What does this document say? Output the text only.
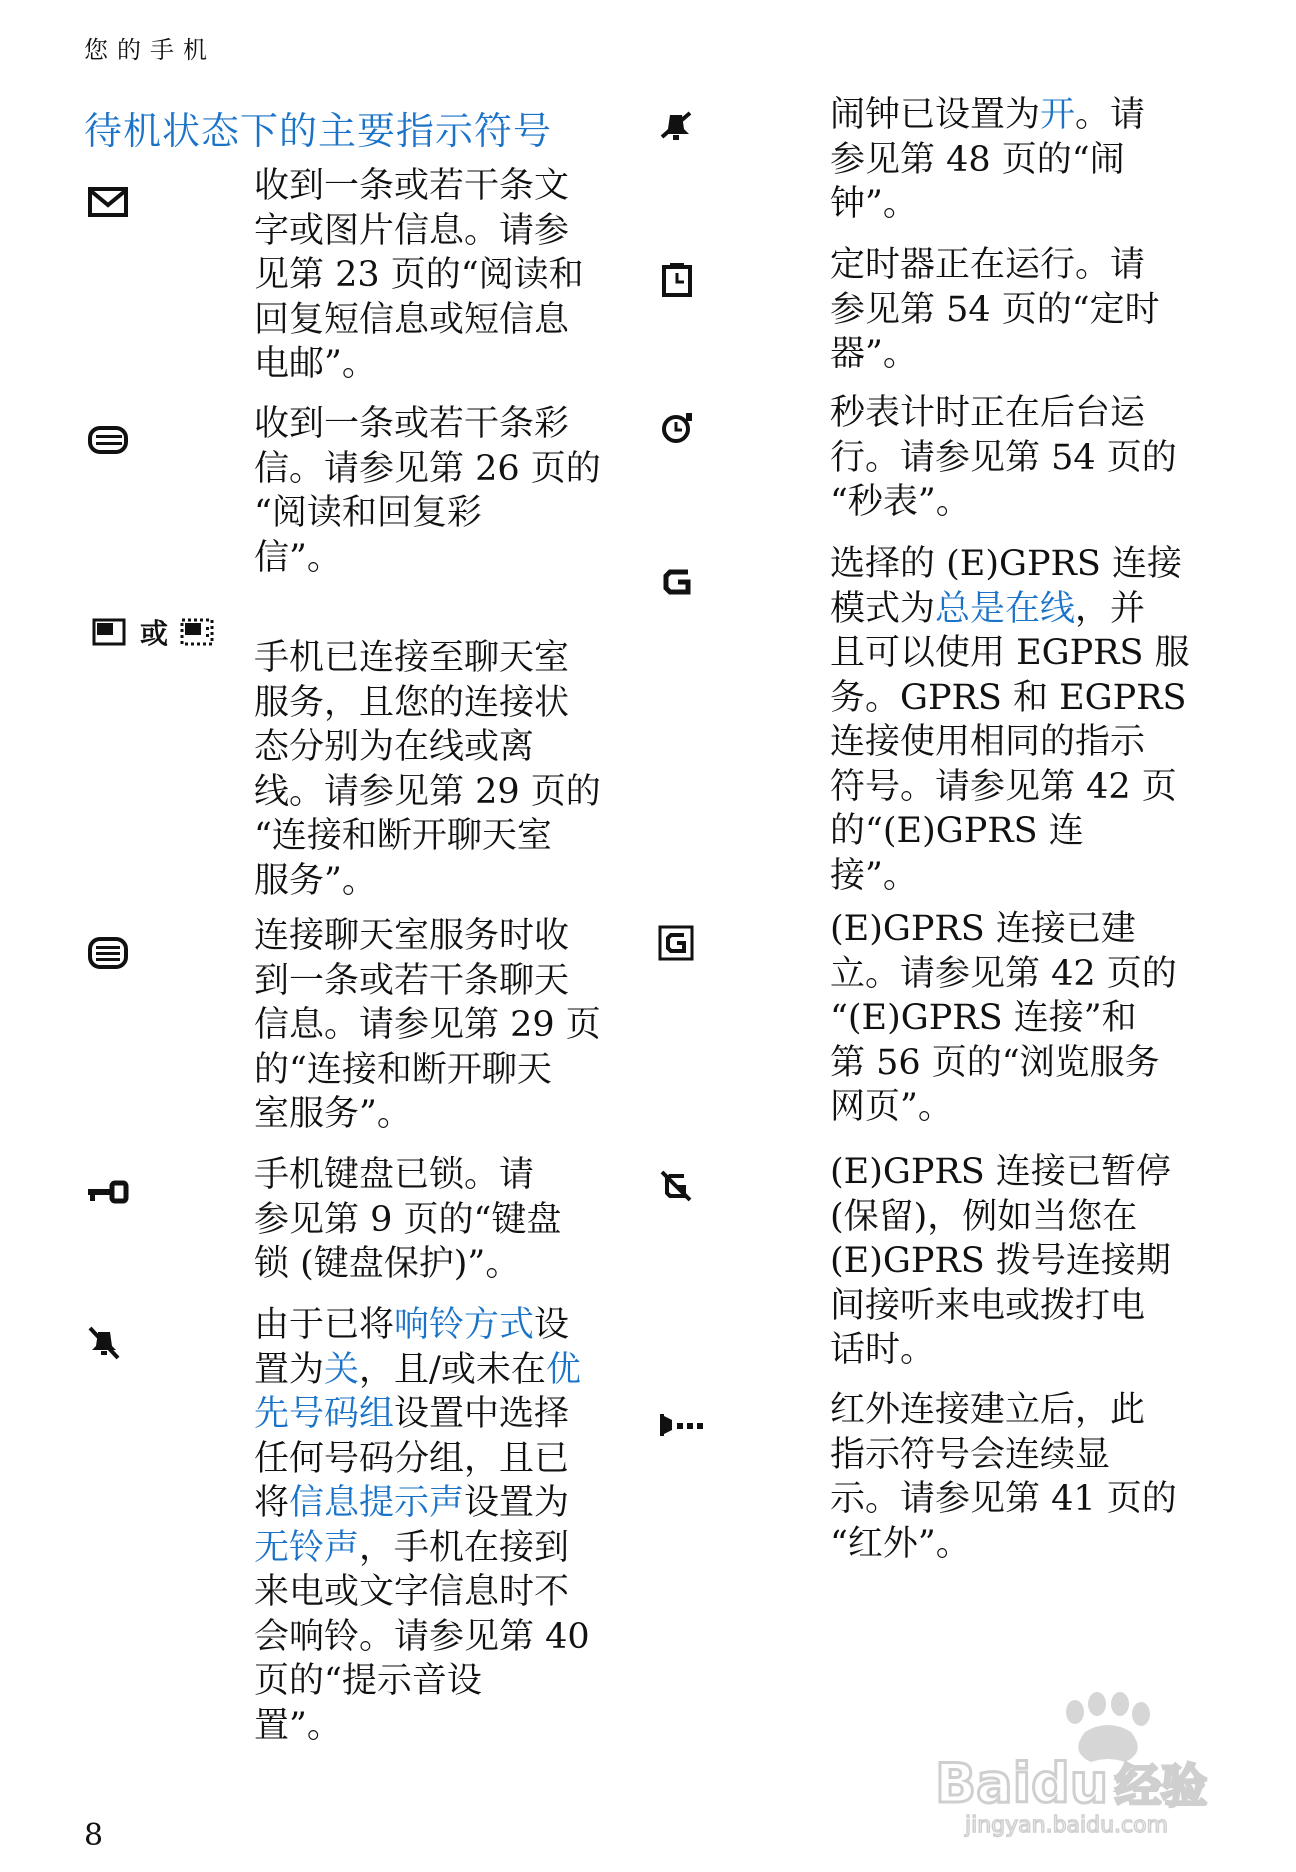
您的手机
待机状态下的主要指示符号
或
收到一条或若干条文
字或图片信息。请参
见第 23 页的“阅读和
回复短信息或短信息
电邮”。
收到一条或若干条彩
信。请参见第 26 页的
“阅读和回复彩
信”。
手机已连接至聊天室
服务，且您的连接状
态分别为在线或离
线。请参见第 29 页的
“连接和断开聊天室
服务”。
连接聊天室服务时收
到一条或若干条聊天
信息。请参见第 29 页
的“连接和断开聊天
室服务”。
手机键盘已锁。请
参见第 9 页的“键盘
锁 (键盘保护)”。
由于已将响铃方式设
置为关，且/或未在优
先号码组设置中选择
任何号码分组，且已
将信息提示声设置为
无铃声，手机在接到
来电或文字信息时不
会响铃。请参见第 40
页的“提示音设
置”。
闹钟已设置为开。请
参见第 48 页的“闹
钟”。
定时器正在运行。请
参见第 54 页的“定时
器”。
秒表计时正在后台运
行。请参见第 54 页的
“秒表”。
选择的 (E)GPRS 连接
模式为总是在线，并
且可以使用 EGPRS 服
务。GPRS 和 EGPRS
连接使用相同的指示
符号。请参见第 42 页
的“(E)GPRS 连
接”。
(E)GPRS 连接已建
立。请参见第 42 页的
“(E)GPRS 连接”和
第 56 页的“浏览服务
网页”。
(E)GPRS 连接已暂停
(保留)，例如当您在
(E)GPRS 拨号连接期
间接听来电或拨打电
话时。
红外连接建立后，此
指示符号会连续显
示。请参见第 41 页的
“红外”。
8
Baidu 经验
jingyan.baidu.com
